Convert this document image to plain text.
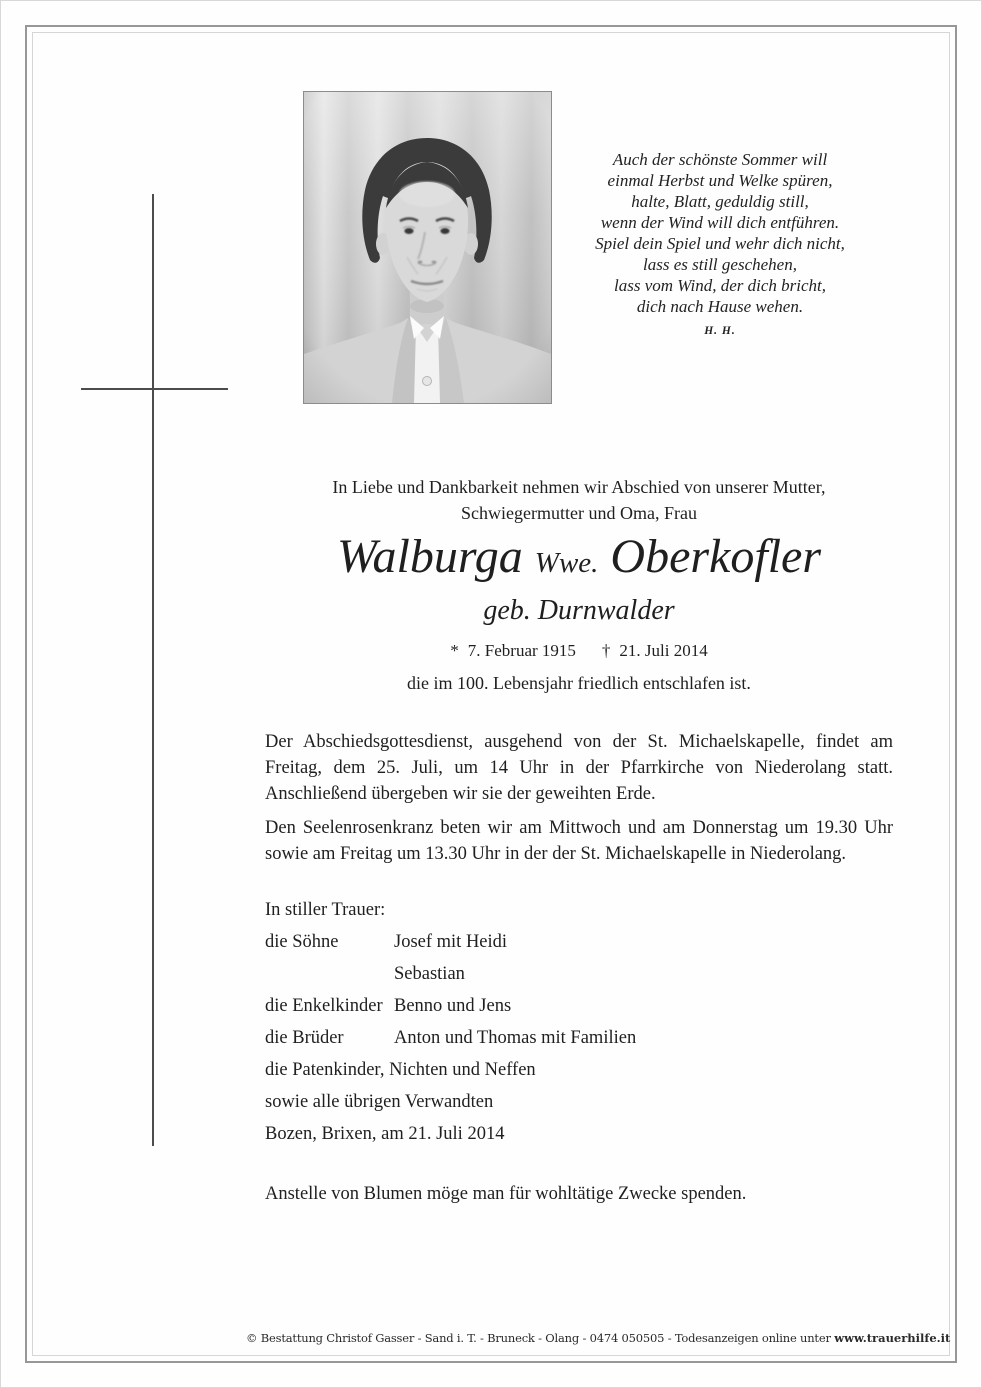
Auch der schönste Sommer will
einmal Herbst und Welke spüren,
halte, Blatt, geduldig still,
wenn der Wind will dich entführen.
Spiel dein Spiel und wehr dich nicht,
lass es still geschehen,
lass vom Wind, der dich bricht,
dich nach Hause wehen.
H. H.
In Liebe und Dankbarkeit nehmen wir Abschied von unserer Mutter,
Schwiegermutter und Oma, Frau
Walburga Wwe. Oberkofler
geb. Durnwalder
* 7. Februar 1915 † 21. Juli 2014
die im 100. Lebensjahr friedlich entschlafen ist.
Der Abschiedsgottesdienst, ausgehend von der St. Michaelskapelle, findet am Freitag, dem 25. Juli, um 14 Uhr in der Pfarrkirche von Niederolang statt. Anschließend übergeben wir sie der geweihten Erde.
Den Seelenrosenkranz beten wir am Mittwoch und am Donnerstag um 19.30 Uhr sowie am Freitag um 13.30 Uhr in der der St. Michaelskapelle in Niederolang.
In stiller Trauer:
die Söhne	Josef mit Heidi
Sebastian
die Enkelkinder Benno und Jens
die Brüder	Anton und Thomas mit Familien
die Patenkinder, Nichten und Neffen
sowie alle übrigen Verwandten
Bozen, Brixen, am 21. Juli 2014
Anstelle von Blumen möge man für wohltätige Zwecke spenden.
© Bestattung Christof Gasser - Sand i. T. - Bruneck - Olang - 0474 050505 - Todesanzeigen online unter www.trauerhilfe.it
